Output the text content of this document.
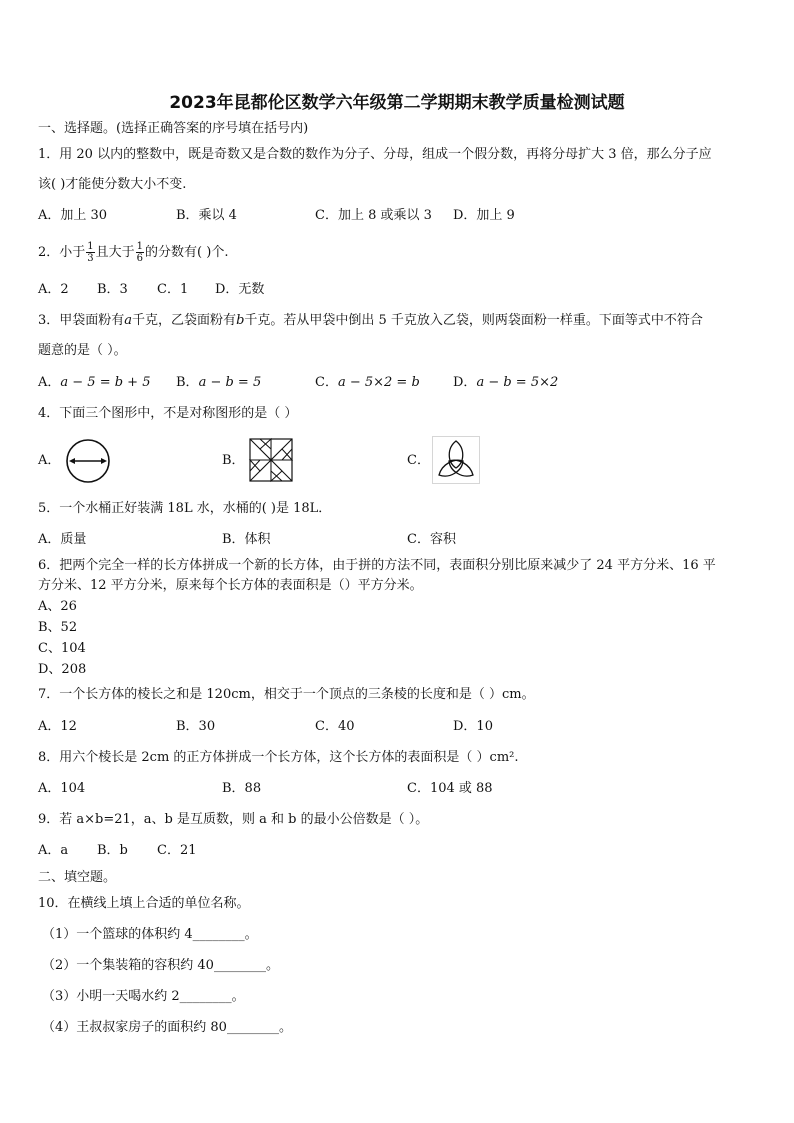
2023年昆都伦区数学六年级第二学期期末教学质量检测试题
一、选择题。(选择正确答案的序号填在括号内)
1．用 20 以内的整数中，既是奇数又是合数的数作为分子、分母，组成一个假分数，再将分母扩大 3 倍，那么分子应
该( )才能使分数大小不变.
A．加上 30	B．乘以 4	C．加上 8 或乘以 3 D．加上 9
2．小于 $\frac{1}{3}$ 且大于 $\frac{1}{6}$ 的分数有( )个.
A．2 B．3 C．1 D．无数
3．甲袋面粉有a千克，乙袋面粉有b千克。若从甲袋中倒出 5 千克放入乙袋，则两袋面粉一样重。下面等式中不符合
题意的是（ ）。
A．a − 5 = b + 5 B．a − b = 5	C．a − 5×2 = b	D．a − b = 5×2
4．下面三个图形中，不是对称图形的是（ ）
A．	B．	C．
5．一个水桶正好装满 18L 水，水桶的( )是 18L．
A．质量	B．体积	C．容积
6．把两个完全一样的长方体拼成一个新的长方体，由于拼的方法不同，表面积分别比原来减少了 24 平方分米、16 平
方分米、12 平方分米，原来每个长方体的表面积是（）平方分米。
A、26
B、52
C、104
D、208
7．一个长方体的棱长之和是 120cm，相交于一个顶点的三条棱的长度和是（ ）cm。
A．12	B．30	C．40	D．10
8．用六个棱长是 2cm 的正方体拼成一个长方体，这个长方体的表面积是（ ）cm².
A．104	B．88	C．104 或 88
9．若 a×b=21，a、b 是互质数，则 a 和 b 的最小公倍数是（ ）。
A．a B．b C．21
二、填空题。
10．在横线上填上合适的单位名称。
（1）一个篮球的体积约 4________。
（2）一个集装箱的容积约 40________。
（3）小明一天喝水约 2________。
（4）王叔叔家房子的面积约 80________。
